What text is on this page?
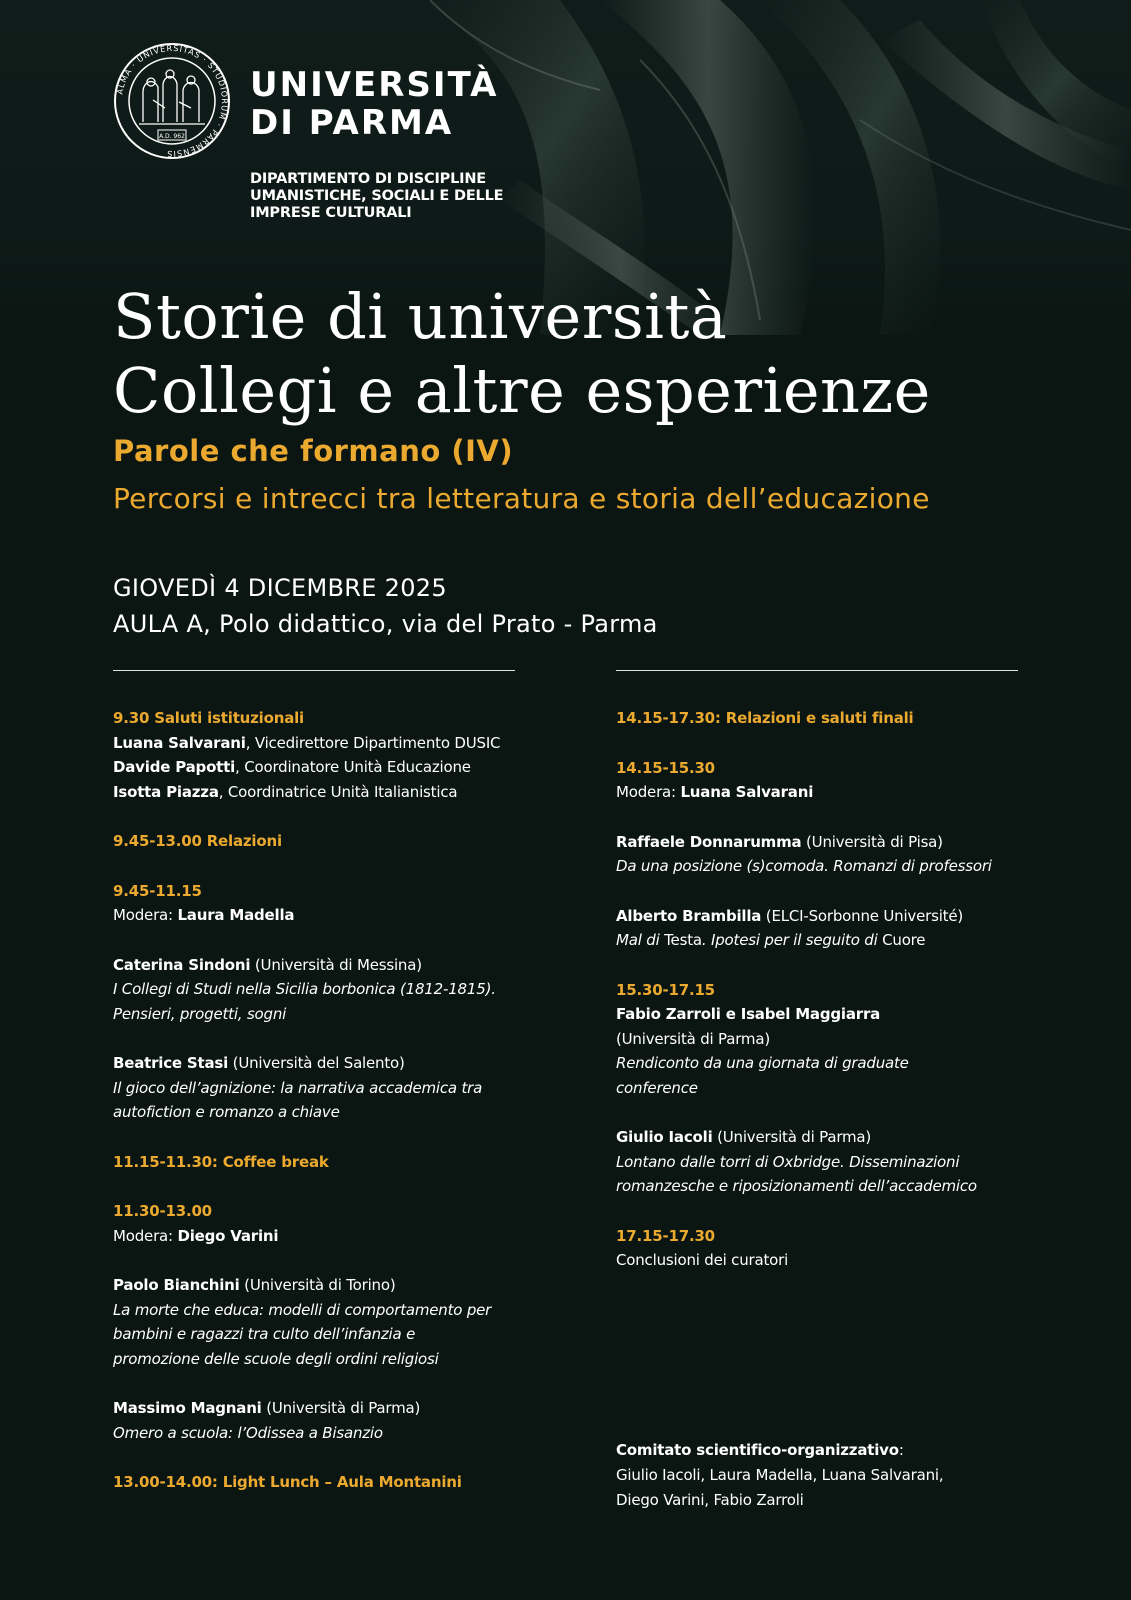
ALMA · UNIVERSITAS · STUDIORUM · PARMENSIS
A.D. 962
UNIVERSITÀ
DI PARMA
DIPARTIMENTO DI DISCIPLINE
UMANISTICHE, SOCIALI E DELLE
IMPRESE CULTURALI
Storie di università
Collegi e altre esperienze
Parole che formano (IV)
Percorsi e intrecci tra letteratura e storia dell’educazione
GIOVEDÌ 4 DICEMBRE 2025
AULA A, Polo didattico, via del Prato - Parma
9.30 Saluti istituzionali
Luana Salvarani, Vicedirettore Dipartimento DUSIC
Davide Papotti, Coordinatore Unità Educazione
Isotta Piazza, Coordinatrice Unità Italianistica
9.45-13.00 Relazioni
9.45-11.15
Modera: Laura Madella
Caterina Sindoni (Università di Messina)
I Collegi di Studi nella Sicilia borbonica (1812-1815).
Pensieri, progetti, sogni
Beatrice Stasi (Università del Salento)
Il gioco dell’agnizione: la narrativa accademica tra
autofiction e romanzo a chiave
11.15-11.30: Coffee break
11.30-13.00
Modera: Diego Varini
Paolo Bianchini (Università di Torino)
La morte che educa: modelli di comportamento per
bambini e ragazzi tra culto dell’infanzia e
promozione delle scuole degli ordini religiosi
Massimo Magnani (Università di Parma)
Omero a scuola: l’Odissea a Bisanzio
13.00-14.00: Light Lunch – Aula Montanini
14.15-17.30: Relazioni e saluti finali
14.15-15.30
Modera: Luana Salvarani
Raffaele Donnarumma (Università di Pisa)
Da una posizione (s)comoda. Romanzi di professori
Alberto Brambilla (ELCI-Sorbonne Université)
Mal di Testa. Ipotesi per il seguito di Cuore
15.30-17.15
Fabio Zarroli e Isabel Maggiarra
(Università di Parma)
Rendiconto da una giornata di graduate
conference
Giulio Iacoli (Università di Parma)
Lontano dalle torri di Oxbridge. Disseminazioni
romanzesche e riposizionamenti dell’accademico
17.15-17.30
Conclusioni dei curatori
Comitato scientifico-organizzativo:
Giulio Iacoli, Laura Madella, Luana Salvarani,
Diego Varini, Fabio Zarroli
